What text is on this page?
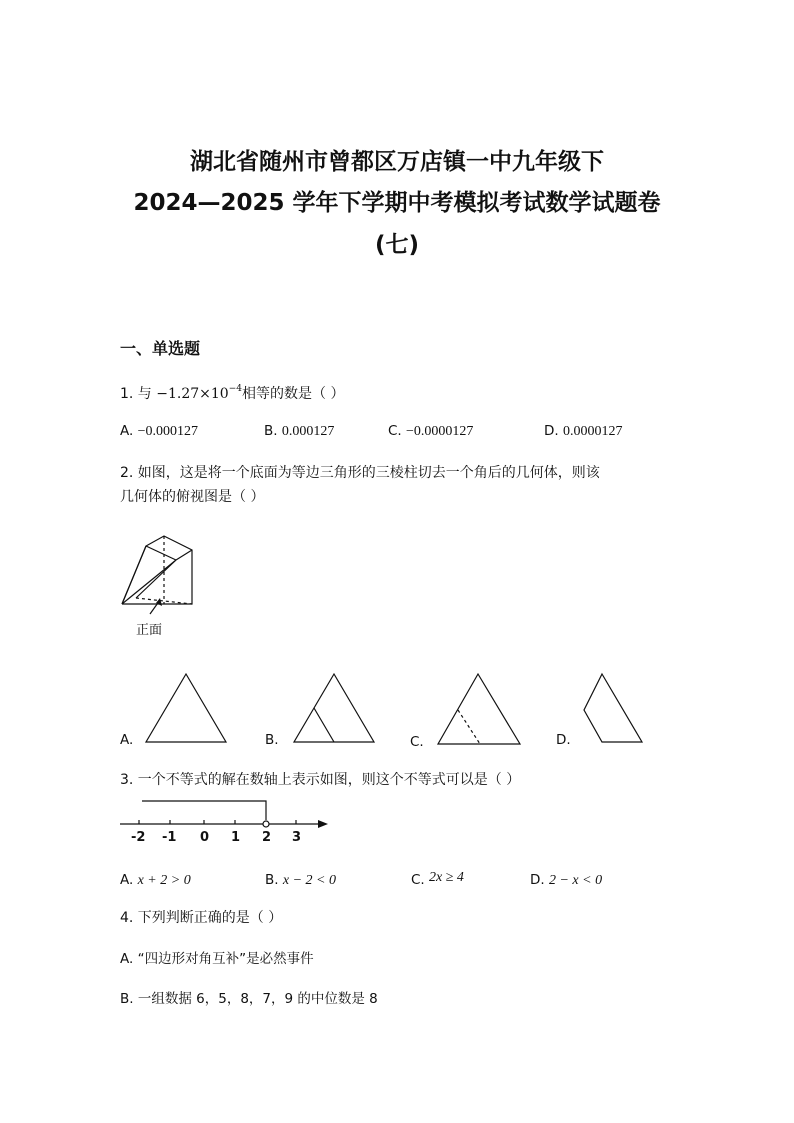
湖北省随州市曾都区万店镇一中九年级下
2024—2025 学年下学期中考模拟考试数学试题卷
(七)
一、单选题
1. 与 $-1.27\times 10^{-4}$相等的数是（ ）
A. −0.000127	B. 0.000127	C. −0.0000127	D. 0.0000127
2. 如图，这是将一个底面为等边三角形的三棱柱切去一个角后的几何体，则该
几何体的俯视图是（ ）
正面
A.	B.	C.	D.
3. 一个不等式的解在数轴上表示如图，则这个不等式可以是（ ）
-2 -1 0 1 2 3
A. x + 2 > 0	B. x − 2 < 0	C. 2x ≥ 4	D. 2 − x < 0
4. 下列判断正确的是（ ）
A. “四边形对角互补”是必然事件
B. 一组数据 6，5，8，7，9 的中位数是 8
